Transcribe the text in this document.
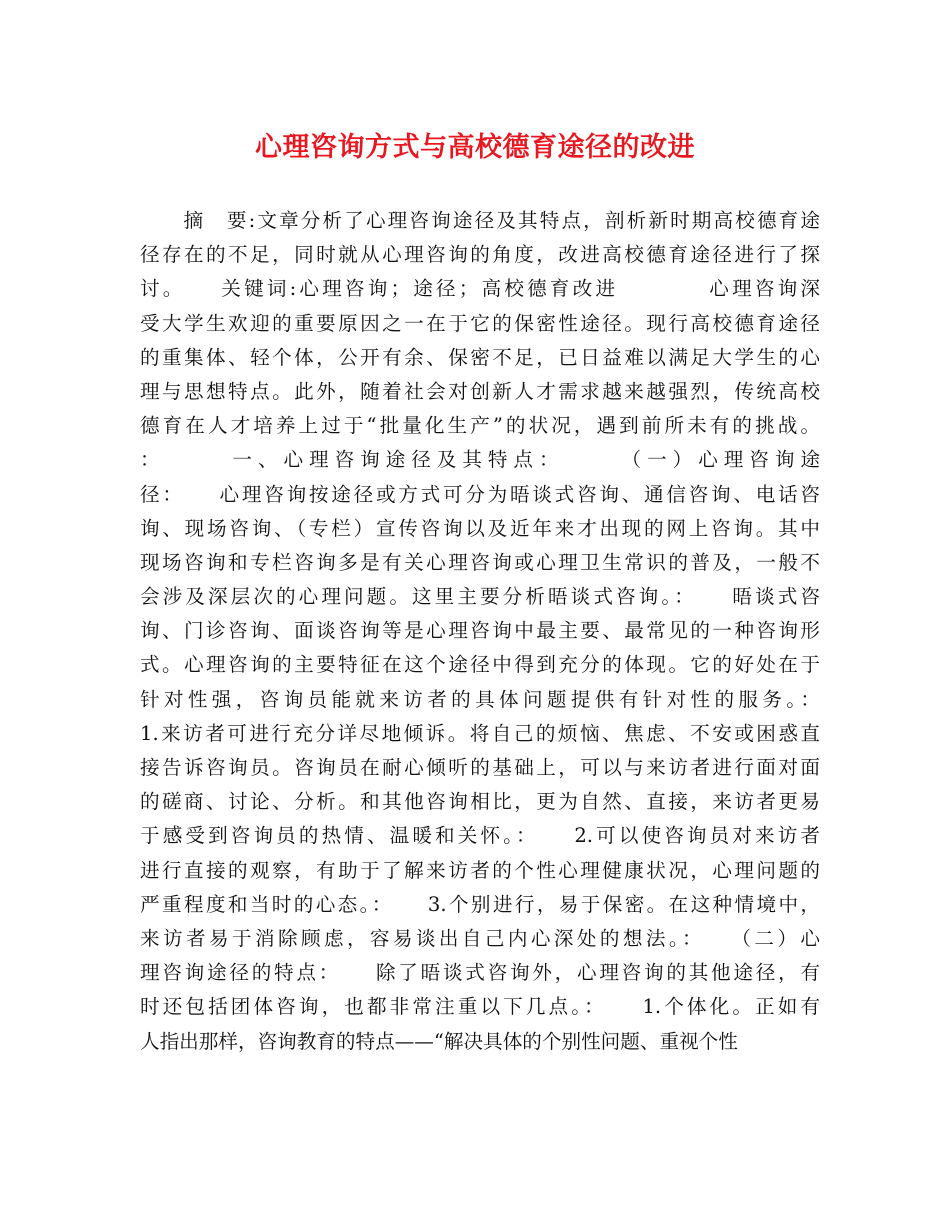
心理咨询方式与高校德育途径的改进
　　摘　要:文章分析了心理咨询途径及其特点，剖析新时期高校德育途
径存在的不足，同时就从心理咨询的角度，改进高校德育途径进行了探
讨。　　关键词:心理咨询；途径；高校德育改进　　　　心理咨询深
受大学生欢迎的重要原因之一在于它的保密性途径。现行高校德育途径
的重集体、轻个体，公开有余、保密不足，已日益难以满足大学生的心
理与思想特点。此外，随着社会对创新人才需求越来越强烈，传统高校
德育在人才培养上过于“批量化生产”的状况，遇到前所未有的挑战。
：　　　一、心理咨询途径及其特点：　　　（一）心理咨询途
径：　　心理咨询按途径或方式可分为晤谈式咨询、通信咨询、电话咨
询、现场咨询、（专栏）宣传咨询以及近年来才出现的网上咨询。其中
现场咨询和专栏咨询多是有关心理咨询或心理卫生常识的普及，一般不
会涉及深层次的心理问题。这里主要分析晤谈式咨询。：　　晤谈式咨
询、门诊咨询、面谈咨询等是心理咨询中最主要、最常见的一种咨询形
式。心理咨询的主要特征在这个途径中得到充分的体现。它的好处在于
针对性强，咨询员能就来访者的具体问题提供有针对性的服务。：
1.来访者可进行充分详尽地倾诉。将自己的烦恼、焦虑、不安或困惑直
接告诉咨询员。咨询员在耐心倾听的基础上，可以与来访者进行面对面
的磋商、讨论、分析。和其他咨询相比，更为自然、直接，来访者更易
于感受到咨询员的热情、温暖和关怀。：　　2.可以使咨询员对来访者
进行直接的观察，有助于了解来访者的个性心理健康状况，心理问题的
严重程度和当时的心态。：　　3.个别进行，易于保密。在这种情境中，
来访者易于消除顾虑，容易谈出自己内心深处的想法。：　　（二）心
理咨询途径的特点：　　除了晤谈式咨询外，心理咨询的其他途径，有
时还包括团体咨询，也都非常注重以下几点。：　　1.个体化。正如有
人指出那样，咨询教育的特点——“解决具体的个别性问题、重视个性
